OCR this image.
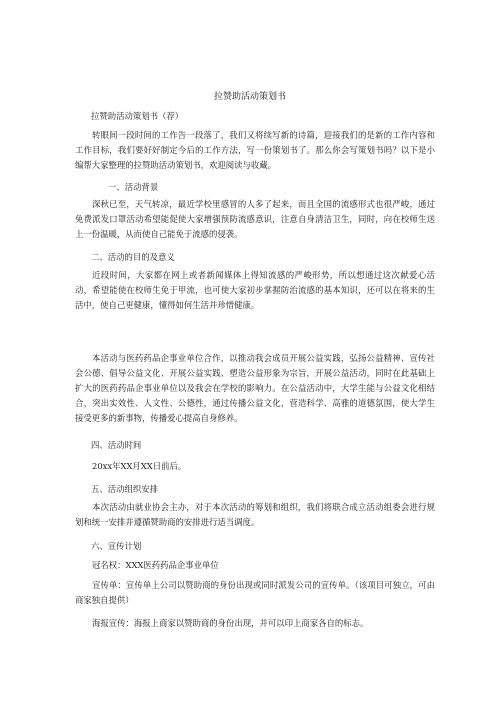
拉赞助活动策划书
拉赞助活动策划书（荐）
转眼间一段时间的工作告一段落了，我们又将续写新的诗篇，迎接我们的是新的工作内容和工作目标，我们要好好制定今后的工作方法，写一份策划书了。那么你会写策划书吗？以下是小编帮大家整理的拉赞助活动策划书，欢迎阅读与收藏。
一、活动背景
深秋已至，天气转凉，最近学校里感冒的人多了起来，而且全国的流感形式也很严峻，通过免费派发口罩活动希望能促使大家增强预防流感意识，注意自身清洁卫生，同时，向在校师生送上一份温暖，从而使自己能免于流感的侵袭。
二、活动的目的及意义
近段时间，大家都在网上或者新闻媒体上得知流感的严峻形势，所以想通过这次献爱心活动，希望能使在校师生免于甲流，也可使大家初步掌握防治流感的基本知识，还可以在将来的生活中，使自己更健康，懂得如何生活并珍惜健康。
本活动与医药药品企事业单位合作，以推动我会成员开展公益实践，弘扬公益精神、宣传社会公德、倡导公益文化、开展公益实践、塑造公益形象为宗旨，开展公益活动，同时在此基础上扩大的医药药品企事业单位以及我会在学校的影响力。在公益活动中，大学生能与公益文化相结合，突出实效性、人文性、公德性，通过传播公益文化，营造科学、高雅的道德氛围，使大学生接受更多的新事物，传播爱心提高自身修养。
四、活动时间
20xx年XX月XX日前后。
五、活动组织安排
本次活动由就业协会主办，对于本次活动的筹划和组织，我们将联合成立活动组委会进行规划和统一安排并遵循赞助商的安排进行适当调度。
六、宣传计划
冠名权：XXX医药药品企事业单位
宣传单：宣传单上公司以赞助商的身份出现或同时派发公司的宣传单。（该项目可独立，可由商家独自提供）
海报宣传：海报上商家以赞助商的身份出现，并可以印上商家各自的标志。
